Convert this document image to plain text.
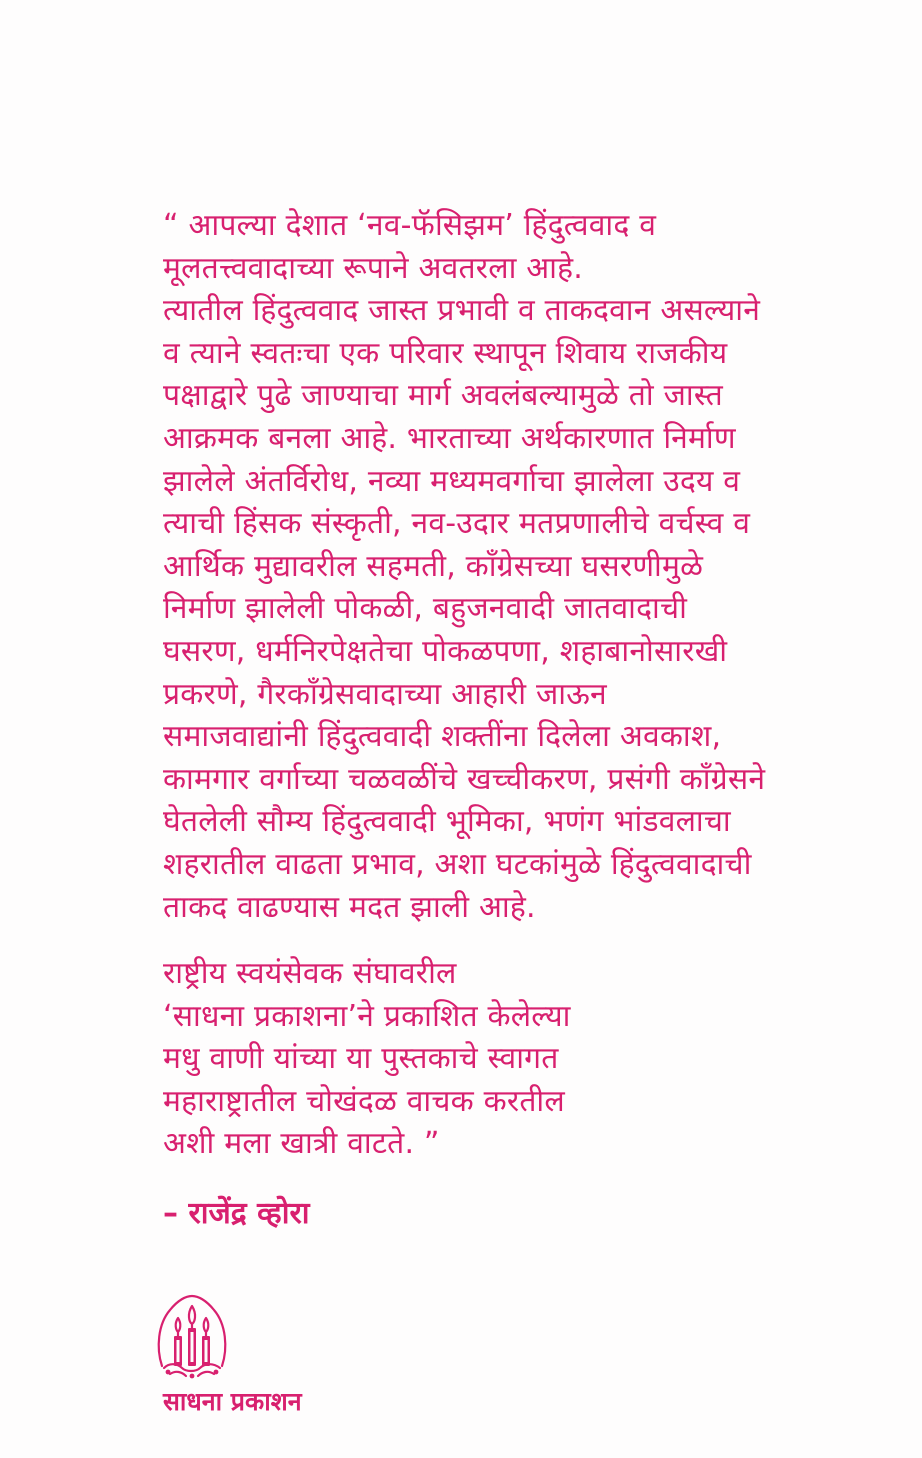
“ आपल्या देशात ‘नव-फॅसिझम’ हिंदुत्ववाद व
मूलतत्त्ववादाच्या रूपाने अवतरला आहे.
त्यातील हिंदुत्ववाद जास्त प्रभावी व ताकदवान असल्याने
व त्याने स्वतःचा एक परिवार स्थापून शिवाय राजकीय
पक्षाद्वारे पुढे जाण्याचा मार्ग अवलंबल्यामुळे तो जास्त
आक्रमक बनला आहे. भारताच्या अर्थकारणात निर्माण
झालेले अंतर्विरोध, नव्या मध्यमवर्गाचा झालेला उदय व
त्याची हिंसक संस्कृती, नव-उदार मतप्रणालीचे वर्चस्व व
आर्थिक मुद्यावरील सहमती, काँग्रेसच्या घसरणीमुळे
निर्माण झालेली पोकळी, बहुजनवादी जातवादाची
घसरण, धर्मनिरपेक्षतेचा पोकळपणा, शहाबानोसारखी
प्रकरणे, गैरकाँग्रेसवादाच्या आहारी जाऊन
समाजवाद्यांनी हिंदुत्ववादी शक्तींना दिलेला अवकाश,
कामगार वर्गाच्या चळवळींचे खच्चीकरण, प्रसंगी काँग्रेसने
घेतलेली सौम्य हिंदुत्ववादी भूमिका, भणंग भांडवलाचा
शहरातील वाढता प्रभाव, अशा घटकांमुळे हिंदुत्ववादाची
ताकद वाढण्यास मदत झाली आहे.
राष्ट्रीय स्वयंसेवक संघावरील
‘साधना प्रकाशना’ने प्रकाशित केलेल्या
मधु वाणी यांच्या या पुस्तकाचे स्वागत
महाराष्ट्रातील चोखंदळ वाचक करतील
अशी मला खात्री वाटते. ”
– राजेंद्र व्होरा
साधना प्रकाशन
